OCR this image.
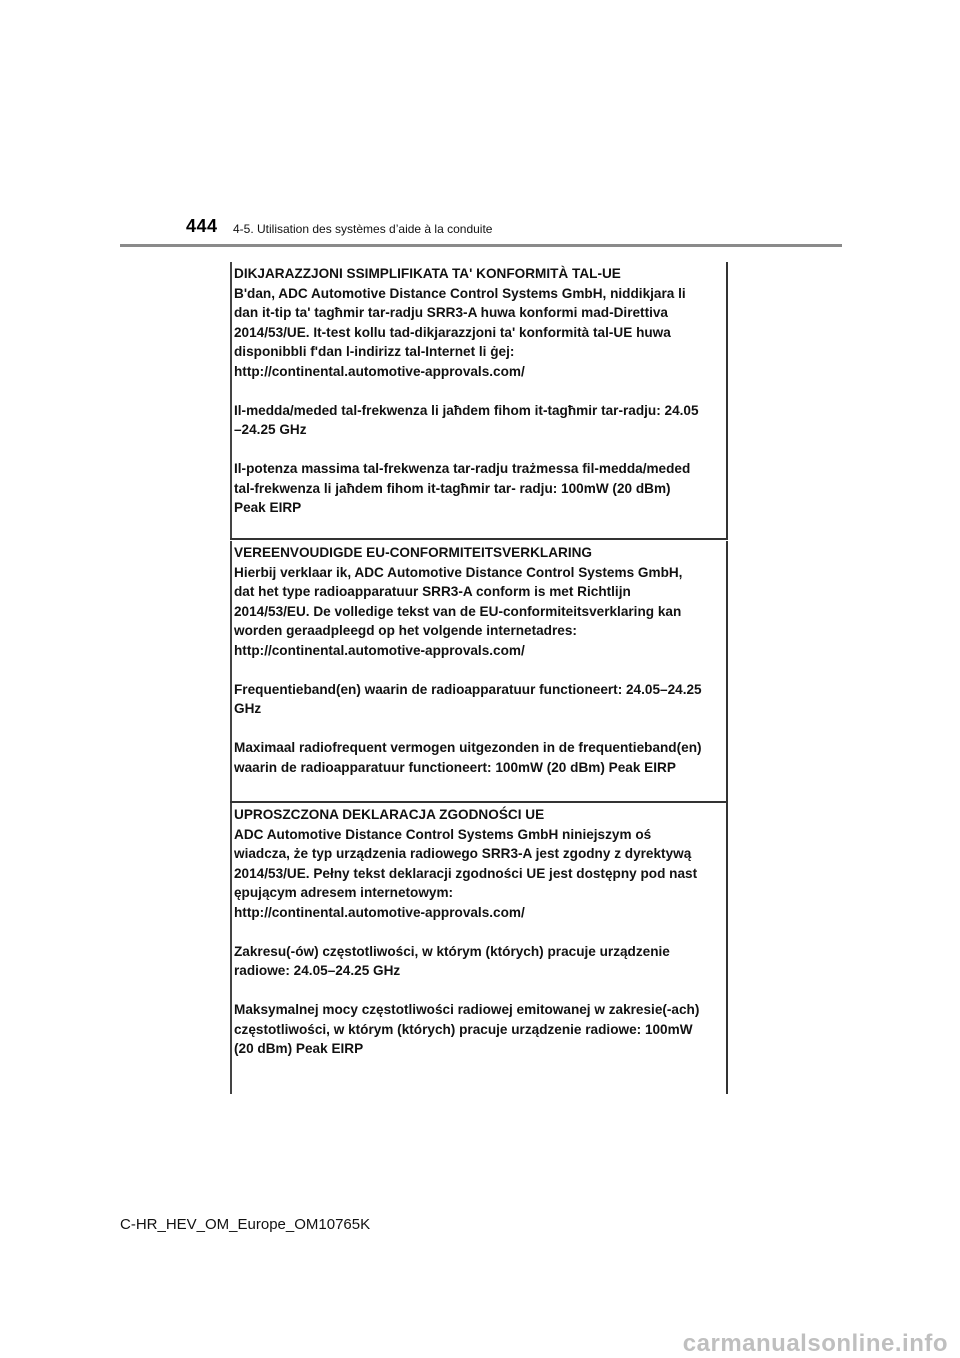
444 4-5. Utilisation des systèmes d’aide à la conduite
DIKJARAZZJONI SSIMPLIFIKATA TA' KONFORMITÀ TAL-UE
B'dan, ADC Automotive Distance Control Systems GmbH, niddikjara li
dan it-tip ta' tagħmir tar-radju SRR3-A huwa konformi mad-Direttiva
2014/53/UE. It-test kollu tad-dikjarazzjoni ta' konformità tal-UE huwa
disponibbli f'dan l-indirizz tal-Internet li ġej:
http://continental.automotive-approvals.com/
Il-medda/meded tal-frekwenza li jaħdem fihom it-tagħmir tar-radju: 24.05
–24.25 GHz
Il-potenza massima tal-frekwenza tar-radju trażmessa fil-medda/meded
tal-frekwenza li jaħdem fihom it-tagħmir tar- radju: 100mW (20 dBm)
Peak EIRP
VEREENVOUDIGDE EU-CONFORMITEITSVERKLARING
Hierbij verklaar ik, ADC Automotive Distance Control Systems GmbH,
dat het type radioapparatuur SRR3-A conform is met Richtlijn
2014/53/EU. De volledige tekst van de EU-conformiteitsverklaring kan
worden geraadpleegd op het volgende internetadres:
http://continental.automotive-approvals.com/
Frequentieband(en) waarin de radioapparatuur functioneert: 24.05–24.25
GHz
Maximaal radiofrequent vermogen uitgezonden in de frequentieband(en)
waarin de radioapparatuur functioneert: 100mW (20 dBm) Peak EIRP
UPROSZCZONA DEKLARACJA ZGODNOŚCI UE
ADC Automotive Distance Control Systems GmbH niniejszym oś
wiadcza, że typ urządzenia radiowego SRR3-A jest zgodny z dyrektywą
2014/53/UE. Pełny tekst deklaracji zgodności UE jest dostępny pod nast
ępującym adresem internetowym:
http://continental.automotive-approvals.com/
Zakresu(-ów) częstotliwości, w którym (których) pracuje urządzenie
radiowe: 24.05–24.25 GHz
Maksymalnej mocy częstotliwości radiowej emitowanej w zakresie(-ach)
częstotliwości, w którym (których) pracuje urządzenie radiowe: 100mW
(20 dBm) Peak EIRP
C-HR_HEV_OM_Europe_OM10765K
carmanualsonline.info
